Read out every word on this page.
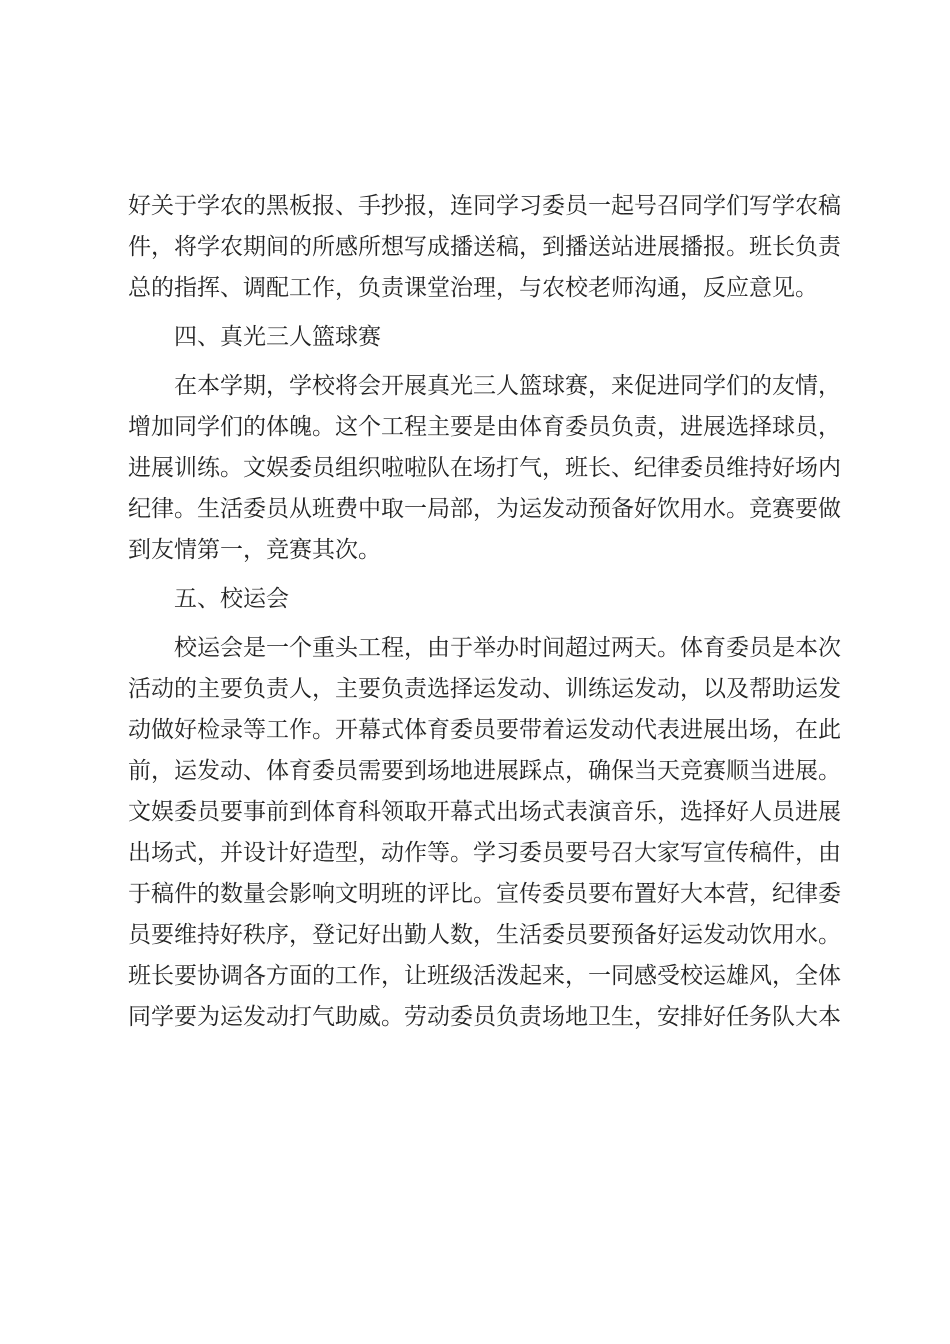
好关于学农的黑板报、手抄报，连同学习委员一起号召同学们写学农稿
件，将学农期间的所感所想写成播送稿，到播送站进展播报。班长负责
总的指挥、调配工作，负责课堂治理，与农校老师沟通，反应意见。
四、真光三人篮球赛
在本学期，学校将会开展真光三人篮球赛，来促进同学们的友情，
增加同学们的体魄。这个工程主要是由体育委员负责，进展选择球员，
进展训练。文娱委员组织啦啦队在场打气，班长、纪律委员维持好场内
纪律。生活委员从班费中取一局部，为运发动预备好饮用水。竞赛要做
到友情第一，竞赛其次。
五、校运会
校运会是一个重头工程，由于举办时间超过两天。体育委员是本次
活动的主要负责人，主要负责选择运发动、训练运发动，以及帮助运发
动做好检录等工作。开幕式体育委员要带着运发动代表进展出场，在此
前，运发动、体育委员需要到场地进展踩点，确保当天竞赛顺当进展。
文娱委员要事前到体育科领取开幕式出场式表演音乐，选择好人员进展
出场式，并设计好造型，动作等。学习委员要号召大家写宣传稿件，由
于稿件的数量会影响文明班的评比。宣传委员要布置好大本营，纪律委
员要维持好秩序，登记好出勤人数，生活委员要预备好运发动饮用水。
班长要协调各方面的工作，让班级活泼起来，一同感受校运雄风，全体
同学要为运发动打气助威。劳动委员负责场地卫生，安排好任务队大本
